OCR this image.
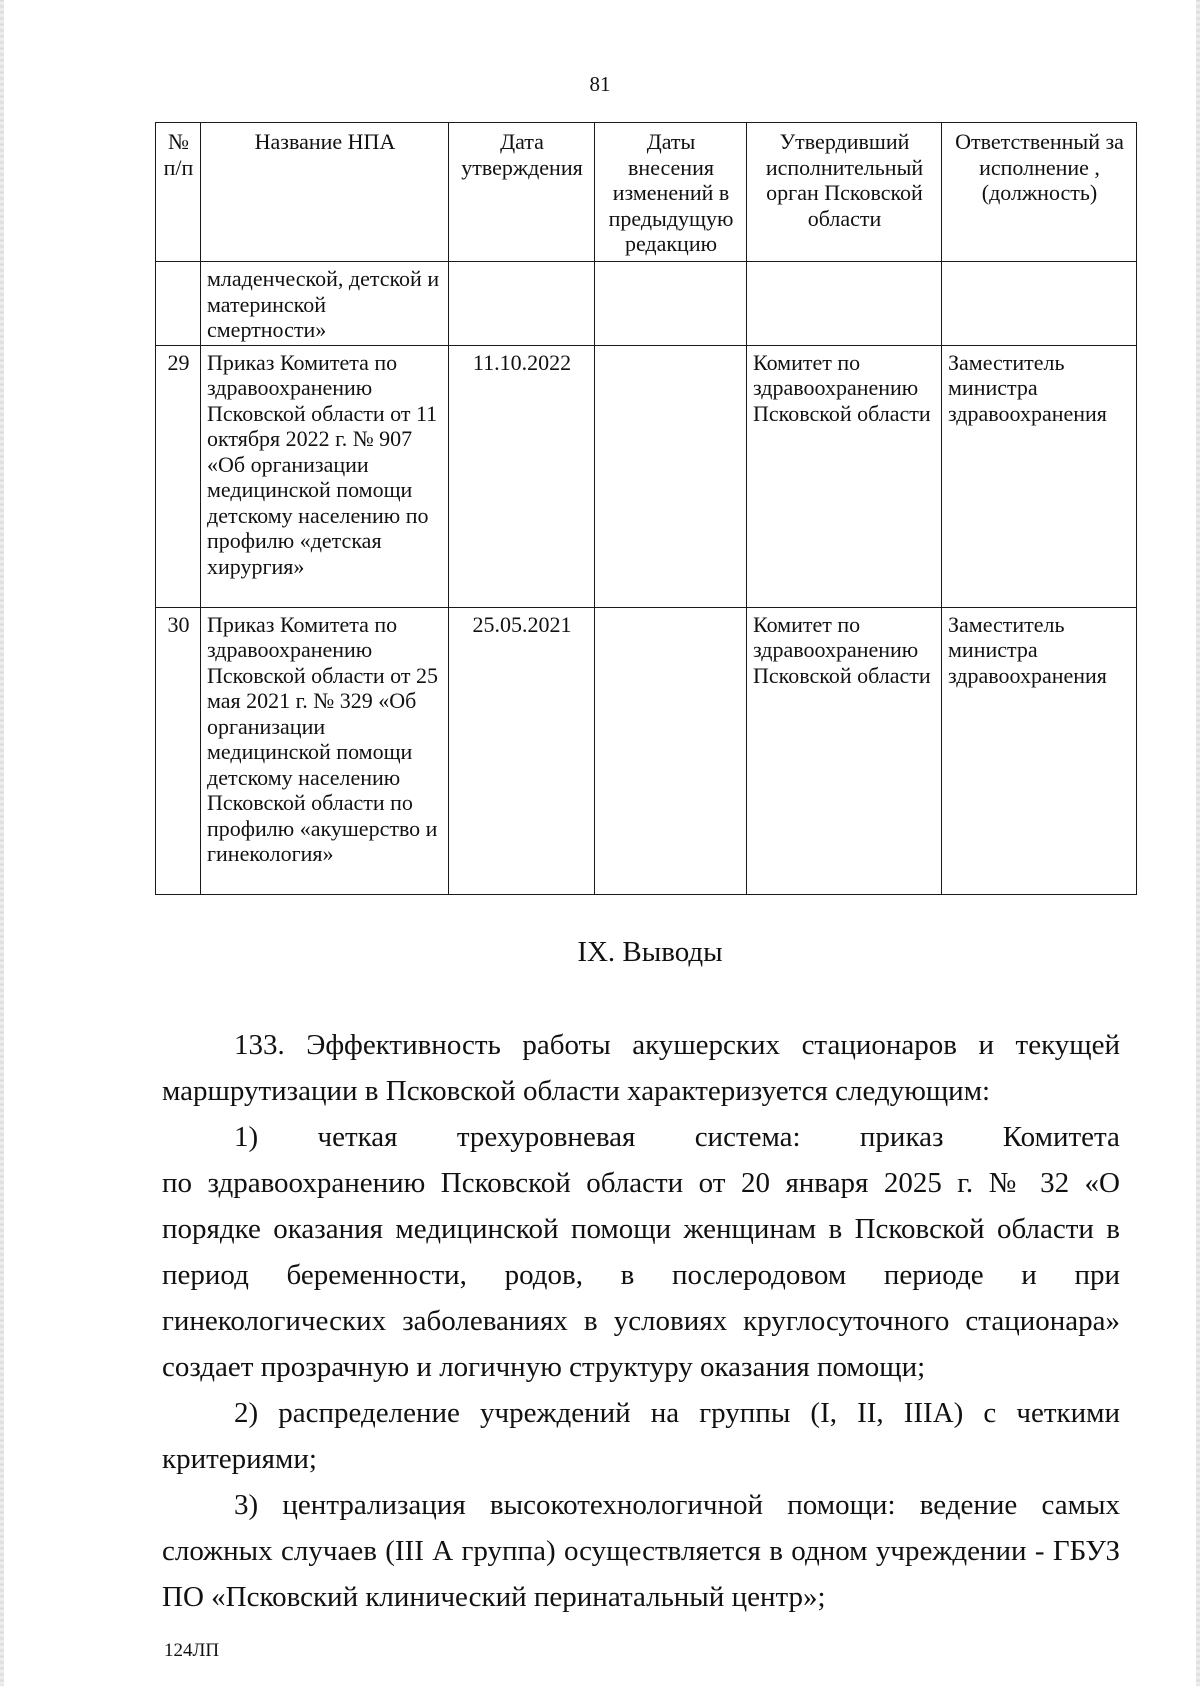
81
№ п/п	Название НПА	Дата утверждения	Даты внесения изменений в предыдущую редакцию	Утвердивший исполнительный орган Псковской области	Ответственный за исполнение ,(должность)
	младенческой, детской и материнской смертности»				
29	Приказ Комитета по здравоохранению Псковской области от 11 октября 2022 г. № 907 «Об организации медицинской помощи детскому населению по профилю «детская хирургия»	11.10.2022		Комитет по здравоохранению Псковской области	Заместитель министра здравоохранения
30	Приказ Комитета по здравоохранению Псковской области от 25 мая 2021 г. № 329 «Об организации медицинской помощи детскому населению Псковской области по профилю «акушерство и гинекология»	25.05.2021		Комитет по здравоохранению Псковской области	Заместитель министра здравоохранения
IX. Выводы

133. Эффективность работы акушерских стационаров и текущей маршрутизации в Псковской области характеризуется следующим:

1) четкая трехуровневая система: приказ Комитета

по здравоохранению Псковской области от 20 января 2025 г. № 32 «О порядке оказания медицинской помощи женщинам в Псковской области в период беременности, родов, в послеродовом периоде и при гинекологических заболеваниях в условиях круглосуточного стационара» создает прозрачную и логичную структуру оказания помощи;

2) распределение учреждений на группы (I, II, IIIA) с четкими критериями;

3) централизация высокотехнологичной помощи: ведение самых сложных случаев (III А группа) осуществляется в одном учреждении - ГБУЗ ПО «Псковский клинический перинатальный центр»;

124ЛП
